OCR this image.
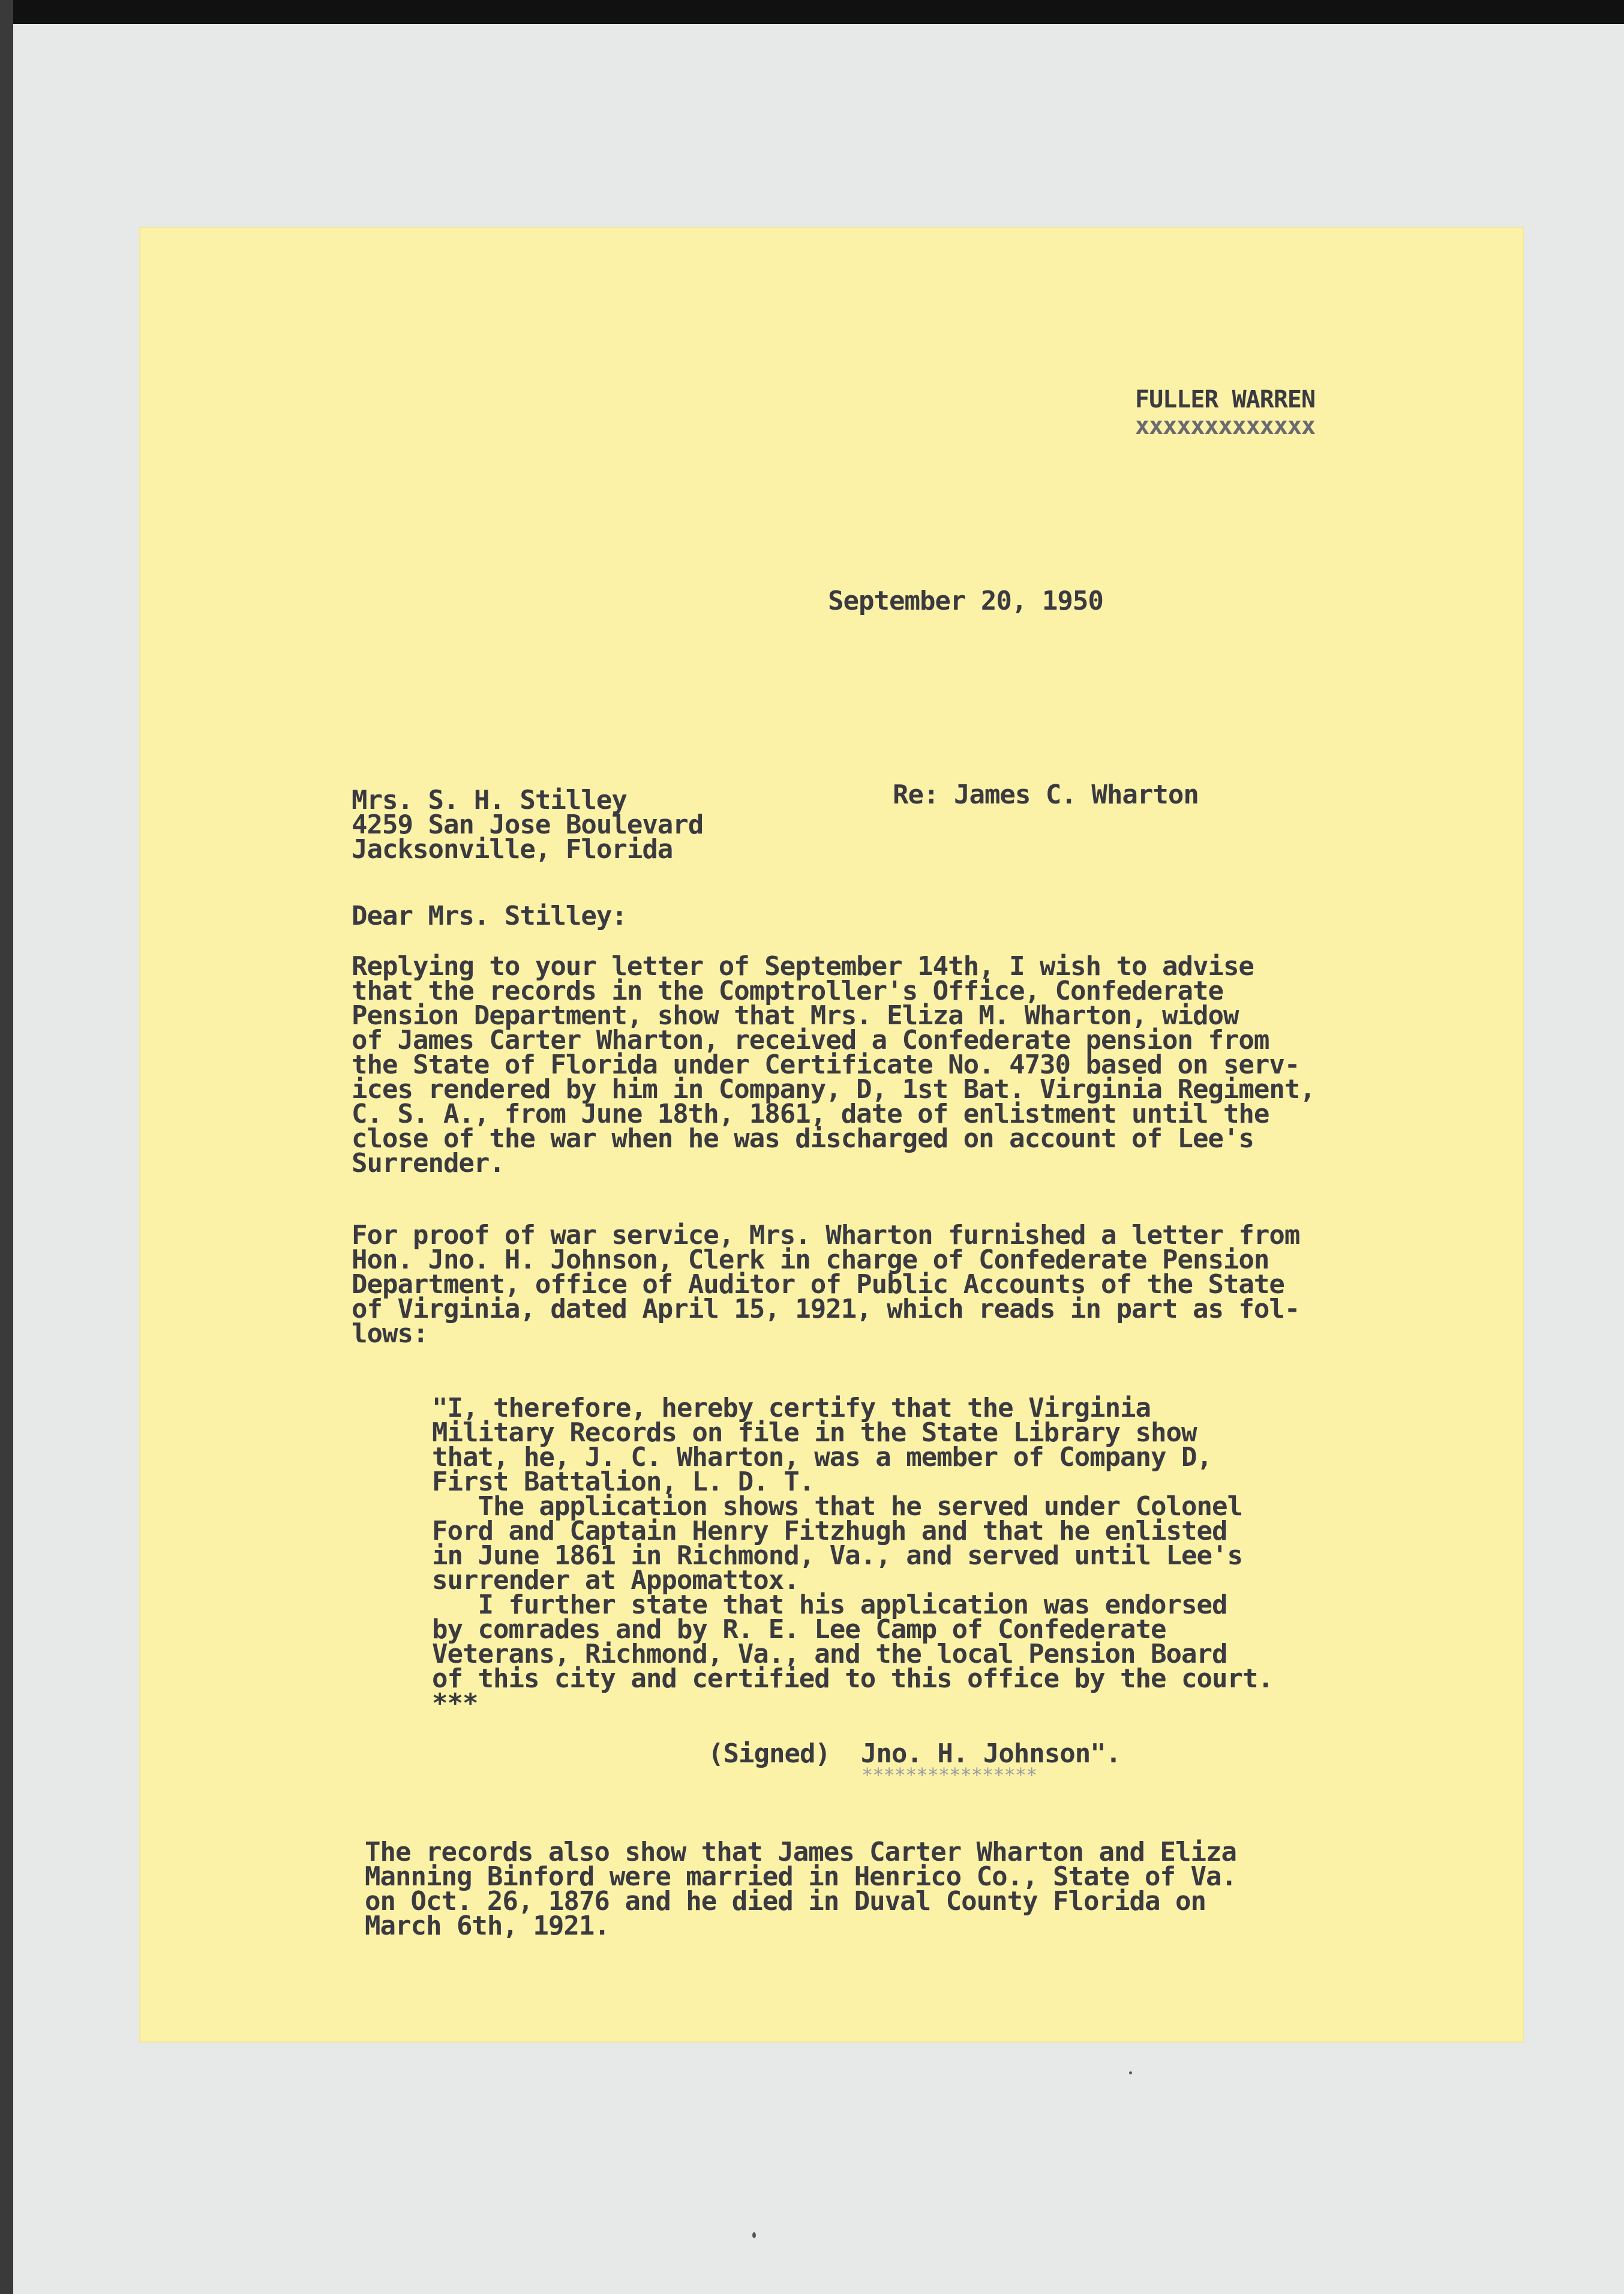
FULLER WARREN

xxxxxxxxxxxxx

September 20, 1950

Mrs. S. H. Stilley

4259 San Jose Boulevard

Jacksonville, Florida

Re: James C. Wharton

Dear Mrs. Stilley:

Replying to your letter of September 14th, I wish to advise
that the records in the Comptroller's Office, Confederate
Pension Department, show that Mrs. Eliza M. Wharton, widow
of James Carter Wharton, received a Confederate pension from
the State of Florida under Certificate No. 4730 based on serv-
ices rendered by him in Company, D, 1st Bat. Virginia Regiment,
C. S. A., from June 18th, 1861, date of enlistment until the
close of the war when he was discharged on account of Lee's
Surrender.

For proof of war service, Mrs. Wharton furnished a letter from
Hon. Jno. H. Johnson, Clerk in charge of Confederate Pension
Department, office of Auditor of Public Accounts of the State
of Virginia, dated April 15, 1921, which reads in part as fol-
lows:

"I, therefore, hereby certify that the Virginia
Military Records on file in the State Library show
that, he, J. C. Wharton, was a member of Company D,
First Battalion, L. D. T.
The application shows that he served under Colonel
Ford and Captain Henry Fitzhugh and that he enlisted
in June 1861 in Richmond, Va., and served until Lee's
surrender at Appomattox.
I further state that his application was endorsed
by comrades and by R. E. Lee Camp of Confederate
Veterans, Richmond, Va., and the local Pension Board
of this city and certified to this office by the court.
***

(Signed)  Jno. H. Johnson".

****************

The records also show that James Carter Wharton and Eliza
Manning Binford were married in Henrico Co., State of Va.
on Oct. 26, 1876 and he died in Duval County Florida on
March 6th, 1921.
